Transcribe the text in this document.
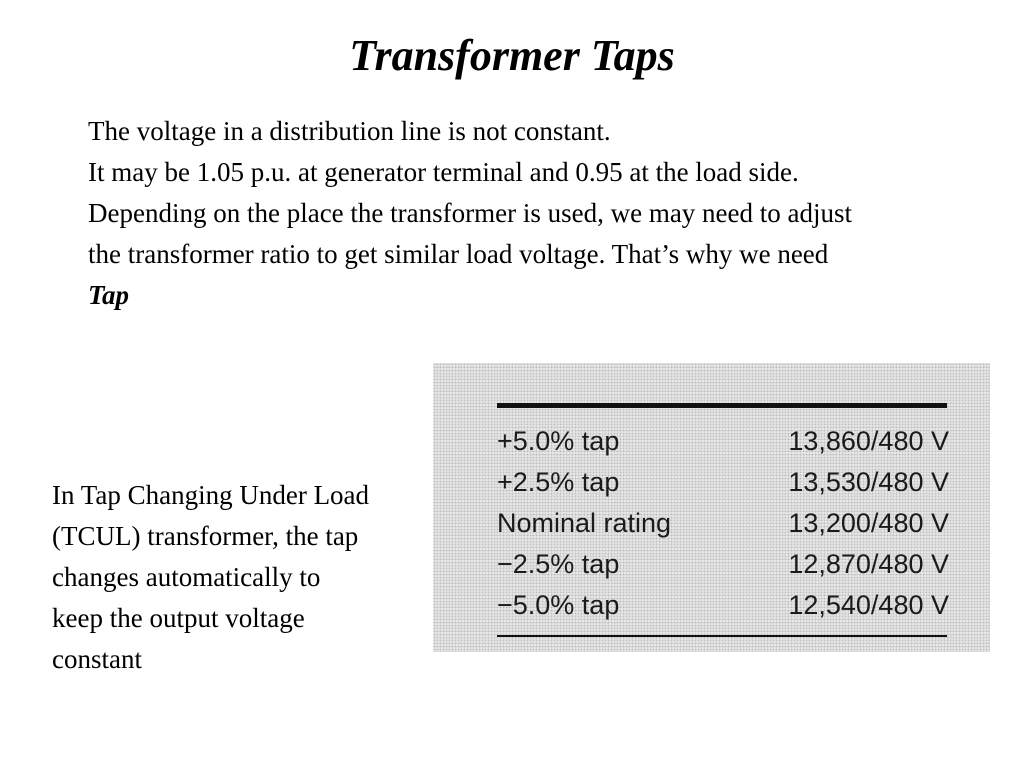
Transformer Taps

The voltage in a distribution line is not constant.

It may be 1.05 p.u. at generator terminal and 0.95 at the load side.

Depending on the place the transformer is used, we may need to adjust the transformer ratio to get similar load voltage. That’s why we need Tap

In Tap Changing Under Load (TCUL) transformer, the tap changes automatically to keep the output voltage constant

+5.0% tap	13,860/480 V
+2.5% tap	13,530/480 V
Nominal rating	13,200/480 V
−2.5% tap	12,870/480 V
−5.0% tap	12,540/480 V
